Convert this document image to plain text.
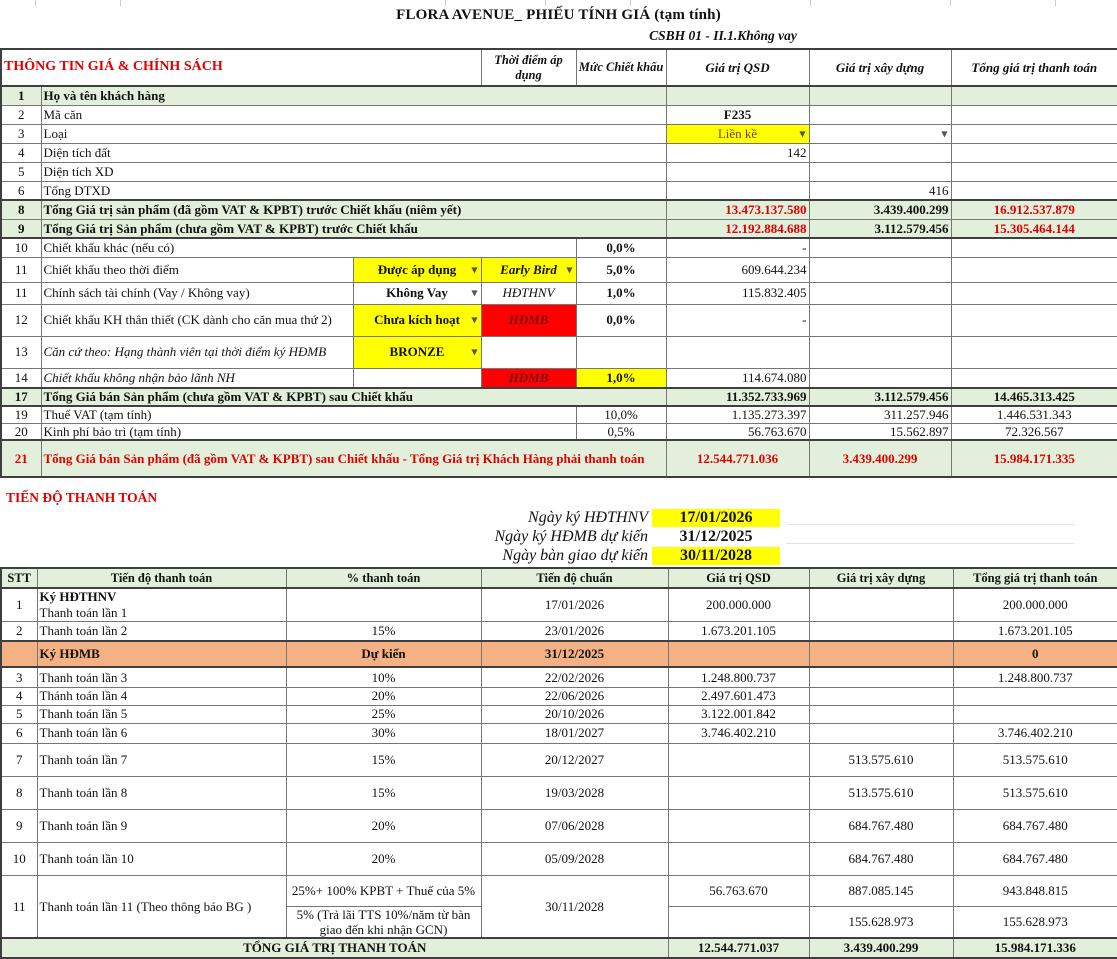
FLORA AVENUE_ PHIẾU TÍNH GIÁ (tạm tính)
CSBH 01 - II.1.Không vay
THÔNG TIN GIÁ & CHÍNH SÁCH			Thời điểm áp dụng	Mức Chiết khấu	Giá trị QSD	Giá trị xây dựng	Tổng giá trị thanh toán
1	Họ và tên khách hàng						
2	Mã căn				F235		
3	Loại				Liền kề ▼	▼	

4	Diện tích đất				142		
5	Diện tích XD						
6	Tổng DTXD					416	
8	Tổng Giá trị sản phẩm (đã gồm VAT & KPBT) trước Chiết khấu (niêm yết)				13.473.137.580	3.439.400.299	16.912.537.879
9	Tổng Giá trị Sản phẩm (chưa gồm VAT & KPBT) trước Chiết khấu				12.192.884.688	3.112.579.456	15.305.464.144
10	Chiết khấu khác (nếu có)			0,0%	-		
11	Chiết khấu theo thời điểm	Được áp dụng ▼	Early Bird ▼	5,0%	609.644.234		
11	Chính sách tài chính (Vay / Không vay)	Không Vay ▼	HĐTHNV	1,0%	115.832.405		
12	Chiết khấu KH thân thiết (CK dành cho căn mua thứ 2)	Chưa kích hoạt ▼	HĐMB	0,0%	-		
13	Căn cứ theo: Hạng thành viên tại thời điểm ký HĐMB	BRONZE ▼					

14	Chiết khấu không nhận bảo lãnh NH		HĐMB	1,0%	114.674.080		
17	Tổng Giá bán Sản phẩm (chưa gồm VAT & KPBT) sau Chiết khấu				11.352.733.969	3.112.579.456	14.465.313.425
19	Thuế VAT (tạm tính)			10,0%	1.135.273.397	311.257.946	1.446.531.343
20	Kinh phí bảo trì (tạm tính)			0,5%	56.763.670	15.562.897	72.326.567
21	Tổng Giá bán Sản phẩm (đã gồm VAT & KPBT) sau Chiết khấu - Tổng Giá trị Khách Hàng phải thanh toán				12.544.771.036	3.439.400.299	15.984.171.335
TIẾN ĐỘ THANH TOÁN
Ngày ký HĐTHNV	17/01/2026
Ngày ký HĐMB dự kiến	31/12/2025
Ngày bàn giao dự kiến	30/11/2028
STT	Tiến độ thanh toán	% thanh toán	Tiến độ chuẩn	Giá trị QSD	Giá trị xây dựng	Tổng giá trị thanh toán
1	Ký HĐTHNV
Thanh toán lần 1		17/01/2026	200.000.000		200.000.000
2	Thanh toán lần 2	15%	23/01/2026	1.673.201.105		1.673.201.105
	Ký HĐMB	Dự kiến	31/12/2025			0
3	Thanh toán lần 3	10%	22/02/2026	1.248.800.737		1.248.800.737
4	Thánh toán lần 4	20%	22/06/2026	2.497.601.473		
5	Thanh toán lần 5	25%	20/10/2026	3.122.001.842		
6	Thanh toán lần 6	30%	18/01/2027	3.746.402.210		3.746.402.210
7	Thanh toán lần 7	15%	20/12/2027		513.575.610	513.575.610
8	Thanh toán lần 8	15%	19/03/2028		513.575.610	513.575.610
9	Thanh toán lần 9	20%	07/06/2028		684.767.480	684.767.480
10	Thanh toán lần 10	20%	05/09/2028		684.767.480	684.767.480
11	Thanh toán lần 11 (Theo thông báo BG )	25%+ 100% KPBT + Thuế của 5%	30/11/2028	56.763.670	887.085.145	943.848.815
		5% (Trả lãi TTS 10%/năm từ bàn giao đến khi nhận GCN)			155.628.973	155.628.973
TỔNG GIÁ TRỊ THANH TOÁN				12.544.771.037	3.439.400.299	15.984.171.336
